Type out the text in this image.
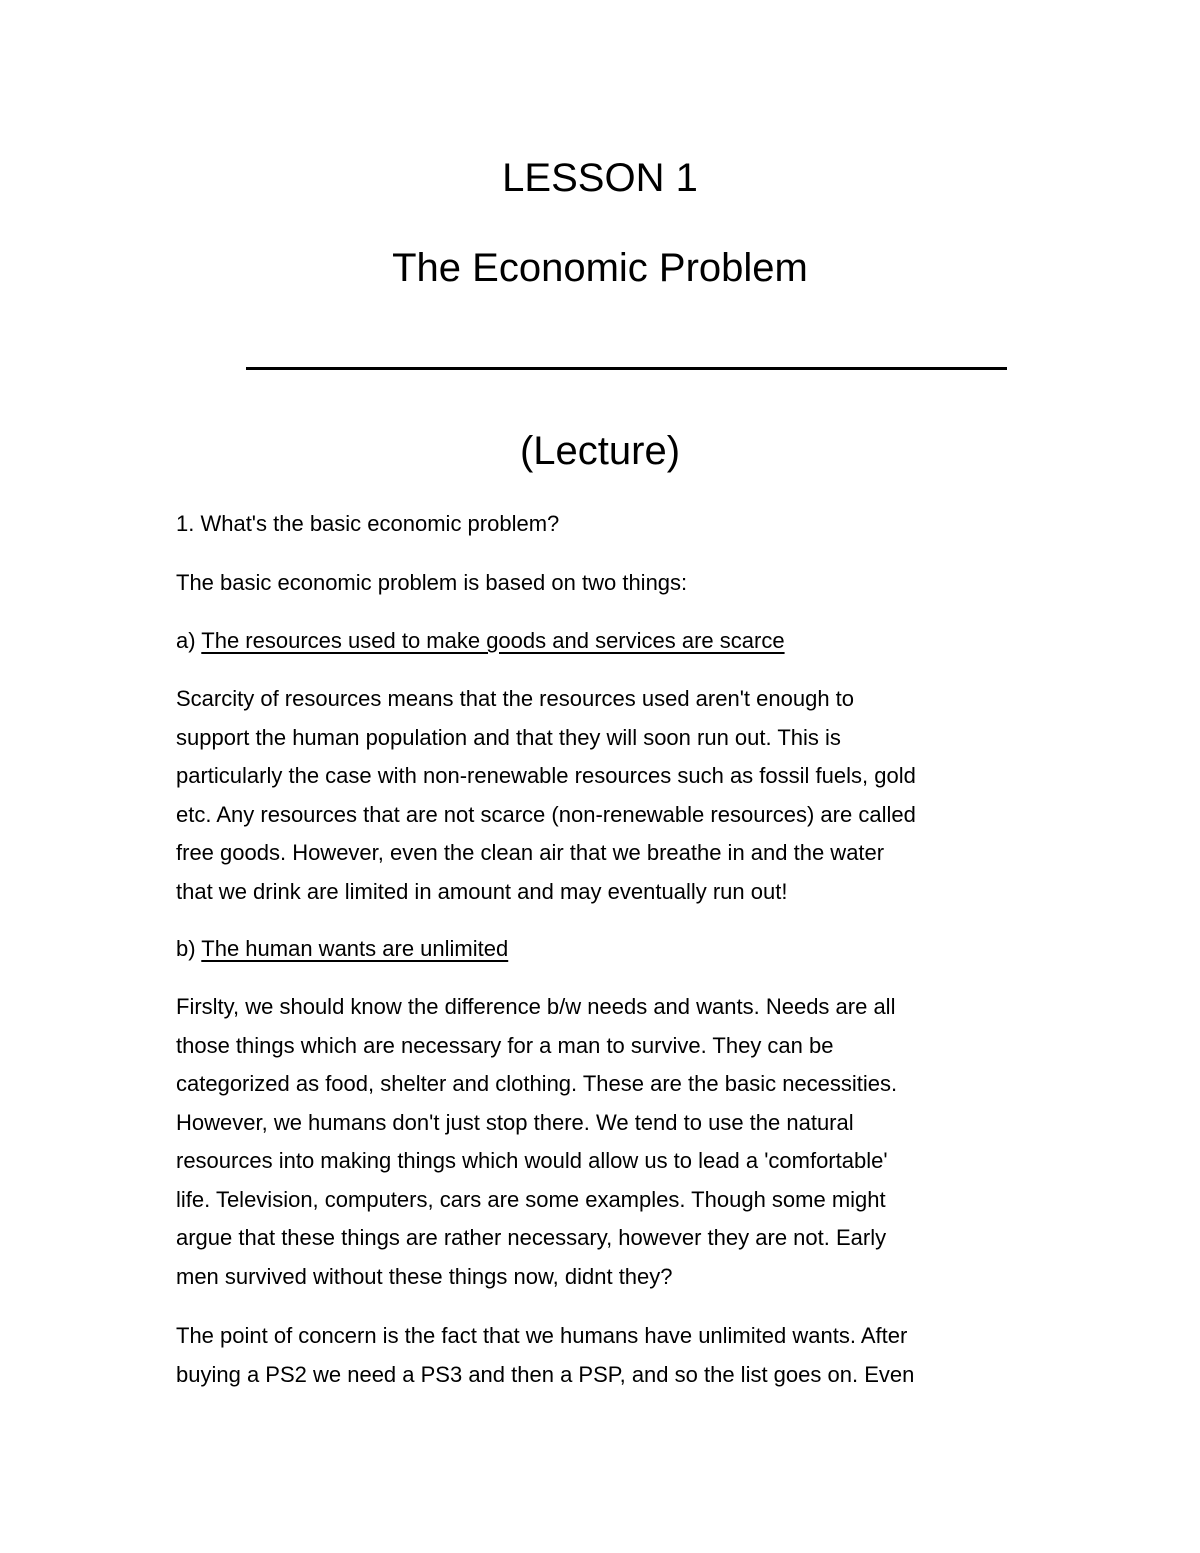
LESSON 1
The Economic Problem
(Lecture)

1. What's the basic economic problem?

The basic economic problem is based on two things:

a) The resources used to make goods and services are scarce

Scarcity of resources means that the resources used aren't enough to
support the human population and that they will soon run out. This is
particularly the case with non-renewable resources such as fossil fuels, gold
etc. Any resources that are not scarce (non-renewable resources) are called
free goods. However, even the clean air that we breathe in and the water
that we drink are limited in amount and may eventually run out!

b) The human wants are unlimited

Firslty, we should know the difference b/w needs and wants. Needs are all
those things which are necessary for a man to survive. They can be
categorized as food, shelter and clothing. These are the basic necessities.
However, we humans don't just stop there. We tend to use the natural
resources into making things which would allow us to lead a 'comfortable'
life. Television, computers, cars are some examples. Though some might
argue that these things are rather necessary, however they are not. Early
men survived without these things now, didnt they?
The point of concern is the fact that we humans have unlimited wants. After
buying a PS2 we need a PS3 and then a PSP, and so the list goes on. Even
